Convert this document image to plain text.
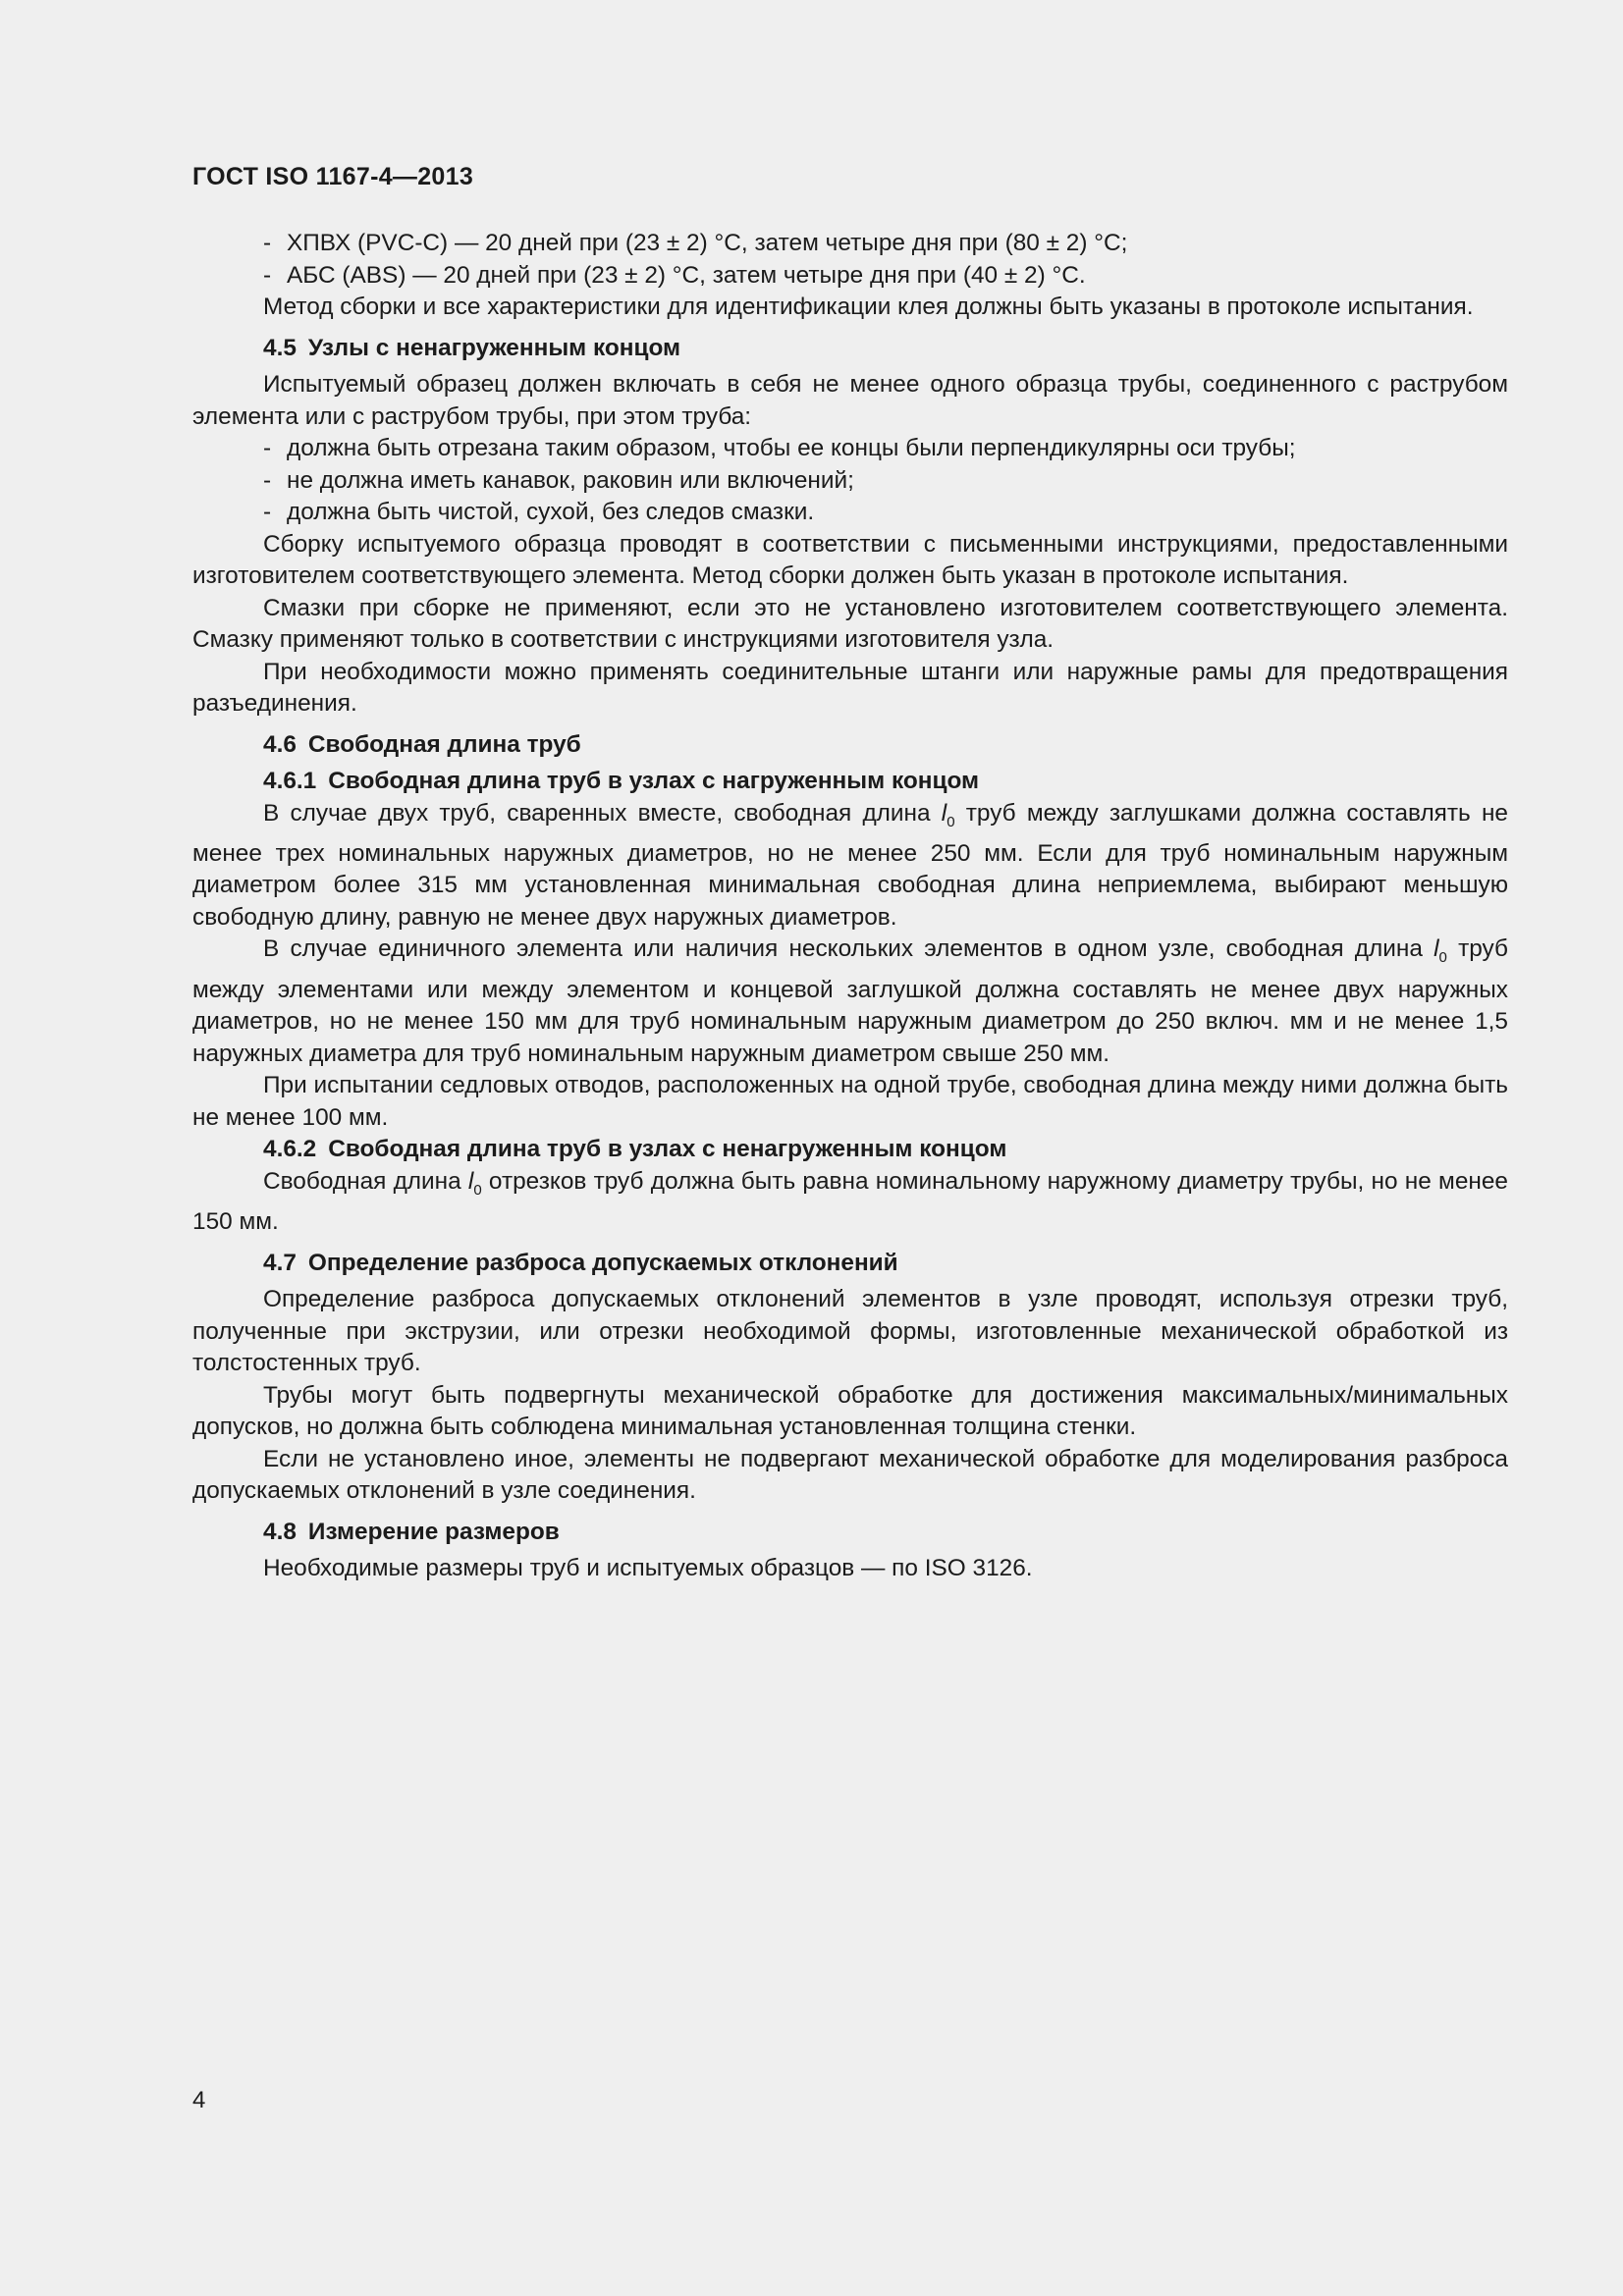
ГОСТ ISO 1167-4—2013
- ХПВХ (PVC-C) — 20 дней при (23 ± 2) °С, затем четыре дня при (80 ± 2) °С;
- АБС (ABS) — 20 дней при (23 ± 2) °С, затем четыре дня при (40 ± 2) °С.

Метод сборки и все характеристики для идентификации клея должны быть указаны в протоколе испытания.

4.5 Узлы с ненагруженным концом

Испытуемый образец должен включать в себя не менее одного образца трубы, соединенного с раструбом элемента или с раструбом трубы, при этом труба:

- должна быть отрезана таким образом, чтобы ее концы были перпендикулярны оси трубы;
- не должна иметь канавок, раковин или включений;
- должна быть чистой, сухой, без следов смазки.

Сборку испытуемого образца проводят в соответствии с письменными инструкциями, предоставленными изготовителем соответствующего элемента. Метод сборки должен быть указан в протоколе испытания.

Смазки при сборке не применяют, если это не установлено изготовителем соответствующего элемента. Смазку применяют только в соответствии с инструкциями изготовителя узла.

При необходимости можно применять соединительные штанги или наружные рамы для предотвращения разъединения.

4.6 Свободная длина труб
4.6.1 Свободная длина труб в узлах с нагруженным концом

В случае двух труб, сваренных вместе, свободная длина $l_0$ труб между заглушками должна составлять не менее трех номинальных наружных диаметров, но не менее 250 мм. Если для труб номинальным наружным диаметром более 315 мм установленная минимальная свободная длина неприемлема, выбирают меньшую свободную длину, равную не менее двух наружных диаметров.

В случае единичного элемента или наличия нескольких элементов в одном узле, свободная длина $l_0$ труб между элементами или между элементом и концевой заглушкой должна составлять не менее двух наружных диаметров, но не менее 150 мм для труб номинальным наружным диаметром до 250 включ. мм и не менее 1,5 наружных диаметра для труб номинальным наружным диаметром свыше 250 мм.

При испытании седловых отводов, расположенных на одной трубе, свободная длина между ними должна быть не менее 100 мм.

4.6.2 Свободная длина труб в узлах с ненагруженным концом

Свободная длина $l_0$ отрезков труб должна быть равна номинальному наружному диаметру трубы, но не менее 150 мм.

4.7 Определение разброса допускаемых отклонений

Определение разброса допускаемых отклонений элементов в узле проводят, используя отрезки труб, полученные при экструзии, или отрезки необходимой формы, изготовленные механической обработкой из толстостенных труб.

Трубы могут быть подвергнуты механической обработке для достижения максимальных/минимальных допусков, но должна быть соблюдена минимальная установленная толщина стенки.

Если не установлено иное, элементы не подвергают механической обработке для моделирования разброса допускаемых отклонений в узле соединения.

4.8 Измерение размеров

Необходимые размеры труб и испытуемых образцов — по ISO 3126.

4
